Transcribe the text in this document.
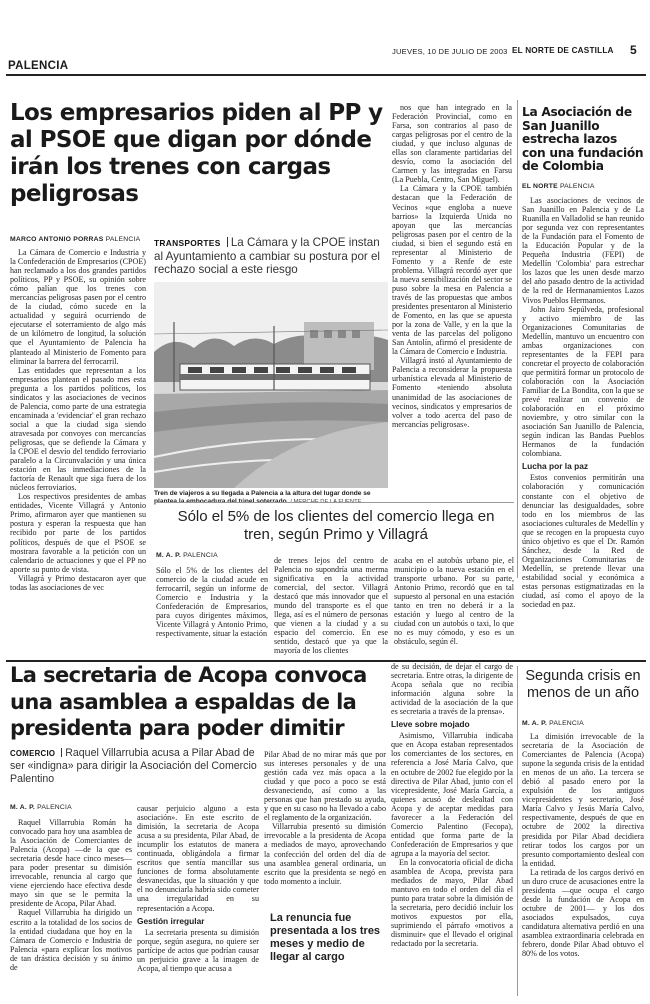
JUEVES, 10 DE JULIO DE 2003 EL NORTE DE CASTILLA 5
PALENCIA
Los empresarios piden al PP y al PSOE que digan por dónde irán los trenes con cargas peligrosas
MARCO ANTONIO PORRAS PALENCIA

La Cámara de Comercio e Industria y la Confederación de Empresarios (CPOE) han reclamado a los dos grandes partidos políticos, PP y PSOE, su opinión sobre cómo palían que los trenes con mercancías peligrosas pasen por el centro de la ciudad, cómo sucede en la actualidad y seguirá ocurriendo de ejecutarse el soterramiento de algo más de un kilómetro de longitud, la solución que el Ayuntamiento de Palencia ha planteado al Ministerio de Fomento para eliminar la barrera del ferrocarril.

Las entidades que representan a los empresarios plantean el pasado mes esta pregunta a los partidos políticos, los sindicatos y las asociaciones de vecinos de Palencia, como parte de una estrategia encaminada a 'evidenciar' el gran rechazo social a que la ciudad siga siendo atravesada por convoyes con mercancías peligrosas, que se defiende la Cámara y la CPOE el desvío del tendido ferroviario paralelo a la Circunvalación y una única estación en las inmediaciones de la factoría de Renault que siga fuera de los núcleos ferroviarios.

Los respectivos presidentes de ambas entidades, Vicente Villagrá y Antonio Primo, afirmaron ayer que mantienen su postura y esperan la respuesta que han recibido por parte de los partidos políticos, después de que el PSOE se mostrara favorable a la petición con un calendario de actuaciones y que el PP no aporte su punto de vista.

Villagrá y Primo destacaron ayer que todas las asociaciones de vec

TRANSPORTES La Cámara y la CPOE instan al Ayuntamiento a cambiar su postura por el rechazo social a este riesgo
Tren de viajeros a su llegada a Palencia a la altura del lugar donde se

nos que han integrado en la Federación Provincial, como en Farsa, son contrarios al paso de cargas peligrosas por el centro de la ciudad, y que incluso algunas de ellas son claramente partidarias del desvío, como la asociación del Carmen y las integradas en Farsu (La Puebla, Centro, San Miguel).

La Cámara y la CPOE también destacan que la Federación de Vecinos «que engloba a nueve barrios» la Izquierda Unida no apoyan que las mercancías peligrosas pasen por el centro de la ciudad, si bien el segundo está en representar al Ministerio de Fomento y a Renfe de este problema. Villagrá recordó ayer que la nueva sensibilización del sector se puso sobre la mesa en Palencia a través de las propuestas que ambos presidentes presentaron al Ministerio de Fomento, en las que se apuesta por la zona de Valle, y en la que la venta de las parcelas del polígono San Antolín, afirmó el presidente de la Cámara de Comercio e Industria.

Villagrá instó al Ayuntamiento de Palencia a reconsiderar la propuesta urbanística elevada al Ministerio de Fomento «teniendo absoluta unanimidad de las asociaciones de vecinos, sindicatos y empresarios de volver a todo acerca del paso de mercancías peligrosas».

La Asociación de San Juanillo estrecha lazos con una fundación de Colombia
EL NORTE PALENCIA

Las asociaciones de vecinos de San Juanillo en Palencia y de La Ruanilla en Valladolid se han reunido por segunda vez con representantes de la Fundación para el Fomento de la Educación Popular y de la Pequeña Industria (FEPI) de Medellín 'Colombia' para estrechar los lazos que les unen desde marzo del año pasado dentro de la actividad de la red de Hermanamientos Lazos Vivos Pueblos Hermanos.

John Jairo Sepúlveda, profesional y activo miembro de las Organizaciones Comunitarias de Medellín, mantuvo un encuentro con ambas organizaciones con representantes de la FEPI para concretar el proyecto de colaboración que permitirá formar un protocolo de colaboración con la Asociación Familiar de La Bondita, con la que se prevé realizar un convenio de colaboración en el próximo noviembre, y otro similar con la asociación San Juanillo de Palencia, según indican las Bandas Pueblos Hermanos de la fundación colombiana.

Lucha por la paz

Estos convenios permitirán una colaboración y comunicación constante con el objetivo de denunciar las desigualdades, sobre todo en los miembros de las asociaciones culturales de Medellín y que se recogen en la propuesta cuyo único objetivo es que el Dr. Ramón Sánchez, desde la Red de Organizaciones Comunitarias de Medellín, se pretende llevar una estabilidad social y económica a estas personas estigmatizadas en la ciudad, así como el apoyo de la sociedad en paz.

Sólo el 5% de los clientes del comercio llega en tren, según Primo y Villagrá
M. A. P. PALENCIA
Sólo el 5% de los clientes del comercio de la ciudad acude en ferrocarril, según un informe de Comercio e Industria y la Confederación de Empresarios, para cuyos dirigentes máximos, Vicente Villagrá y Antonio Primo, respectivamente, situar la estación
de trenes lejos del centro de Palencia no supondría una merma significativa en la actividad comercial, del sector. Villagrá destacó que más innovador que el mundo del transporte es el que llega, así es el número de personas que vienen a la ciudad y a su espacio del comercio. En ese sentido, destacó que ya que la mayoría de los clientes
acaba en el autobús urbano pie, el municipio o la nueva estación en el transporte urbano. Por su parte, Antonio Primo, recordó que en tal supuesto al personal en una estación tanto en tren no deberá ir a la estación y luego al centro de la ciudad con un autobús o taxi, lo que no es muy cómodo, y eso es un obstáculo, según él.
La secretaria de Acopa convoca una asamblea a espaldas de la presidenta para poder dimitir
COMERCIO Raquel Villarrubia acusa a Pilar Abad de ser «indigna» para dirigir la Asociación del Comercio Palentino
M. A. P. PALENCIA

Raquel Villarrubia Román ha convocado para hoy una asamblea de la Asociación de Comerciantes de Palencia (Acopa) —de la que es secretaria desde hace cinco meses— para poder presentar su dimisión irrevocable, renuncia al cargo que viene ejerciendo hace efectiva desde mayo sin que se le permita la presidente de Acopa, Pilar Abad.

Raquel Villarrubia ha dirigido un escrito a la totalidad de los socios de la entidad ciudadana que hoy en la Cámara de Comercio e Industria de Palencia «para explicar los motivos de tan drástica decisión y su ánimo de

causar perjuicio alguno a esta asociación». En este escrito de dimisión, la secretaria de Acopa acusa a su presidenta, Pilar Abad, de incumplir los estatutos de manera continuada, obligándola a firmar escritos que sentía mancillar sus funciones de forma absolutamente desvanecidas, que la situación y que el no denunciarla habría sido cometer una irregularidad en su representación a Acopa.

Gestión irregular

La secretaria presenta su dimisión porque, según asegura, no quiere ser partícipe de actos que podrían causar un perjuicio grave a la imagen de Acopa, al tiempo que acusa a

Pilar Abad de no mirar más que por sus intereses personales y de una gestión cada vez más opaca a la ciudad y que poco a poco se está desvaneciendo, así como a las personas que han prestado su ayuda, y que en su caso no ha llevado a cabo el reglamento de la organización.

Villarrubia presentó su dimisión irrevocable a la presidenta de Acopa a mediados de mayo, aprovechando la confección del orden del día de una asamblea general ordinaria, un escrito que la presidenta se negó en todo momento a incluir.

La renuncia fue presentada a los tres meses y medio de llegar al cargo

de su decisión, de dejar el cargo de secretaria. Entre otras, la dirigente de Acopa señala que no recibía información alguna sobre la actividad de la asociación de la que es secretaria a través de la prensa».

Lleve sobre mojado

Asimismo, Villarrubia indicaba que en Acopa estaban representados los comerciantes de los sectores, en referencia a José María Calvo, que en octubre de 2002 fue elegido por la directiva de Pilar Abad, junto con el vicepresidente, José María García, a quienes acusó de deslealtad con Acopa y de aceptar medidas para favorecer a la Federación del Comercio Palentino (Fecopa), entidad que forma parte de la Confederación de Empresarios y que agrupa a la mayoría del sector.

En la convocatoria oficial de dicha asamblea de Acopa, prevista para mediados de mayo, Pilar Abad mantuvo en todo el orden del día el punto para tratar sobre la dimisión de la secretaria, pero decidió incluir los motivos expuestos por ella, suprimiendo el párrafo «motivos a disminuir» que el llevado el original redactado por la secretaria.

Segunda crisis en menos de un año
M. A. P. PALENCIA

La dimisión irrevocable de la secretaria de la Asociación de Comerciantes de Palencia (Acopa) supone la segunda crisis de la entidad en menos de un año. La tercera se debió al pasado enero por la expulsión de los antiguos vicepresidentes y secretario, José María Calvo y Jesús María Calvo, respectivamente, después de que en octubre de 2002 la directiva presidida por Pilar Abad decidiera retirar todos los cargos por un presunto comportamiento desleal con la entidad.

La retirada de los cargos derivó en un duro cruce de acusaciones entre la presidenta —que ocupa el cargo desde la fundación de Acopa en octubre de 2001— y los dos asociados expulsados, cuya candidatura alternativa perdió en una asamblea extraordinaria celebrada en febrero, donde Pilar Abad obtuvo el 80% de los votos.
